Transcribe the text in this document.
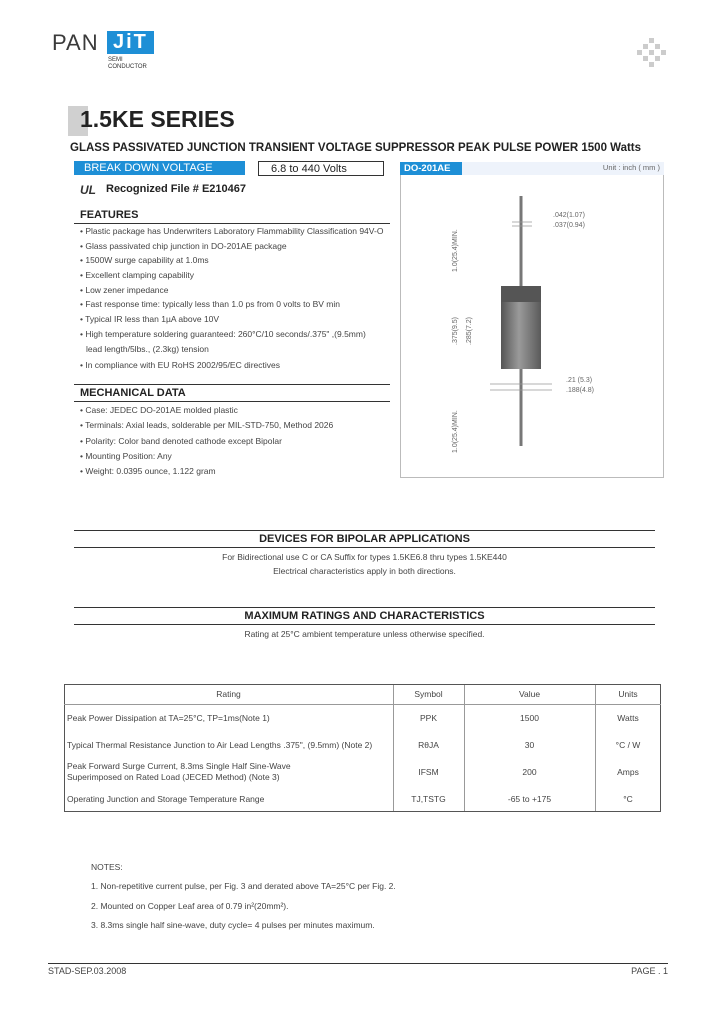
PAN JiT
SEMI
CONDUCTOR
1.5KE SERIES
GLASS PASSIVATED JUNCTION TRANSIENT VOLTAGE SUPPRESSOR PEAK PULSE POWER 1500 Watts
BREAK DOWN VOLTAGE	6.8 to 440 Volts
UL Recognized File # E210467
FEATURES
• Plastic package has Underwriters Laboratory Flammability Classification 94V-O
• Glass passivated chip junction in DO-201AE package
• 1500W surge capability at 1.0ms
• Excellent clamping capability
• Low zener impedance
• Fast response time: typically less than 1.0 ps from 0 volts to BV min
• Typical IR less than 1µA above 10V
• High temperature soldering guaranteed: 260°C/10 seconds/.375" ,(9.5mm)
lead length/5lbs., (2.3kg) tension
• In compliance with EU RoHS 2002/95/EC directives
MECHANICAL DATA
• Case: JEDEC DO-201AE molded plastic
• Terminals: Axial leads, solderable per MIL-STD-750, Method 2026
• Polarity: Color band denoted cathode except Bipolar
• Mounting Position: Any
• Weight: 0.0395 ounce, 1.122 gram
DO-201AE	Unit : inch ( mm )
.042(1.07)
.037(0.94)
.21 (5.3)
.188(4.8)
1.0(25.4)MIN.
.375(9.5) .285(7.2)
1.0(25.4)MIN.
DEVICES FOR BIPOLAR APPLICATIONS
For Bidirectional use C or CA Suffix for types 1.5KE6.8 thru types 1.5KE440
Electrical characteristics apply in both directions.
MAXIMUM RATINGS AND CHARACTERISTICS
Rating at 25°C ambient temperature unless otherwise specified.
Rating	Symbol	Value	Units
Peak Power Dissipation at TA=25°C, TP=1ms(Note 1)	PPK	1500	Watts
Typical Thermal Resistance Junction to Air Lead Lengths .375", (9.5mm) (Note 2)	RθJA	30	°C / W
Peak Forward Surge Current, 8.3ms Single Half Sine-Wave
Superimposed on Rated Load (JECED Method) (Note 3)	IFSM	200	Amps
Operating Junction and Storage Temperature Range	TJ,TSTG	-65 to +175	°C
NOTES:
1. Non-repetitive current pulse, per Fig. 3 and derated above TA=25°C per Fig. 2.
2. Mounted on Copper Leaf area of 0.79 in²(20mm²).
3. 8.3ms single half sine-wave, duty cycle= 4 pulses per minutes maximum.
STAD-SEP.03.2008	PAGE . 1
